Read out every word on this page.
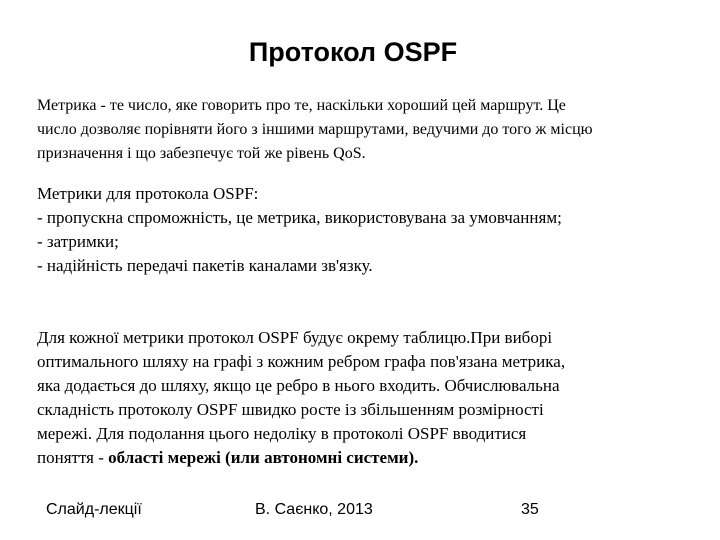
Протокол OSPF
Метрика - те число, яке говорить про те, наскільки хороший цей маршрут. Це
число дозволяє порівняти його з іншими маршрутами, ведучими до того ж місцю
призначення і що забезпечує той же рівень QoS.
Метрики для протокола OSPF:
- пропускна спроможність, це метрика, використовувана за умовчанням;
- затримки;
- надійність передачі пакетів каналами зв'язку.
Для кожної метрики протокол OSPF будує окрему таблицю.При виборі
оптимального шляху на графі з кожним ребром графа пов'язана метрика,
яка додається до шляху, якщо це ребро в нього входить. Обчислювальна
складність протоколу OSPF швидко росте із збільшенням розмірності
мережі. Для подолання цього недоліку в протоколі OSPF вводитися
поняття - області мережі (или автономні системи).
Слайд-лекції	В. Саєнко, 2013	35
